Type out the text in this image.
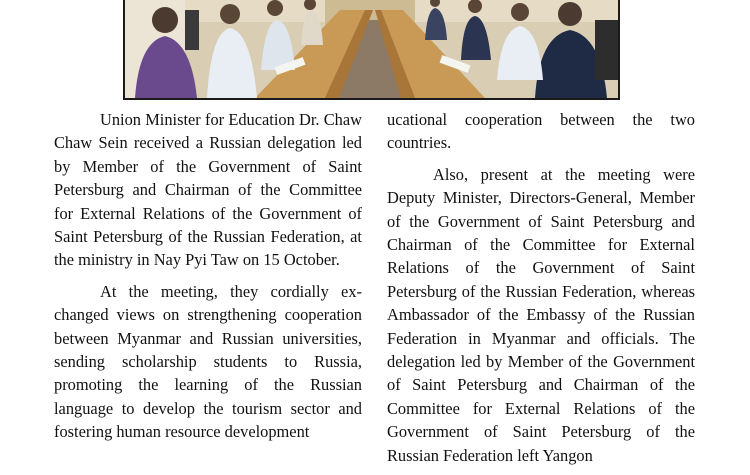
Union Minister for Education Dr. Chaw Chaw Sein received a Russian delegation led by Member of the Government of Saint Petersburg and Chairman of the Committee for External Relations of the Government of Saint Petersburg of the Russian Federation, at the ministry in Nay Pyi Taw on 15 October.

At the meeting, they cordially exchanged views on strengthening cooperation between Myanmar and Russian universities, sending scholarship students to Russia, promoting the learning of the Russian language to develop the tourism sector and fostering human resource development

ucational cooperation between the two countries.

Also, present at the meeting were Deputy Minister, Directors-General, Member of the Government of Saint Petersburg and Chairman of the Committee for External Relations of the Government of Saint Petersburg of the Russian Federation, whereas Ambassador of the Embassy of the Russian Federation in Myanmar and officials. The delegation led by Member of the Government of Saint Petersburg and Chairman of the Committee for External Relations of the Government of Saint Petersburg of the Russian Federation left Yangon
